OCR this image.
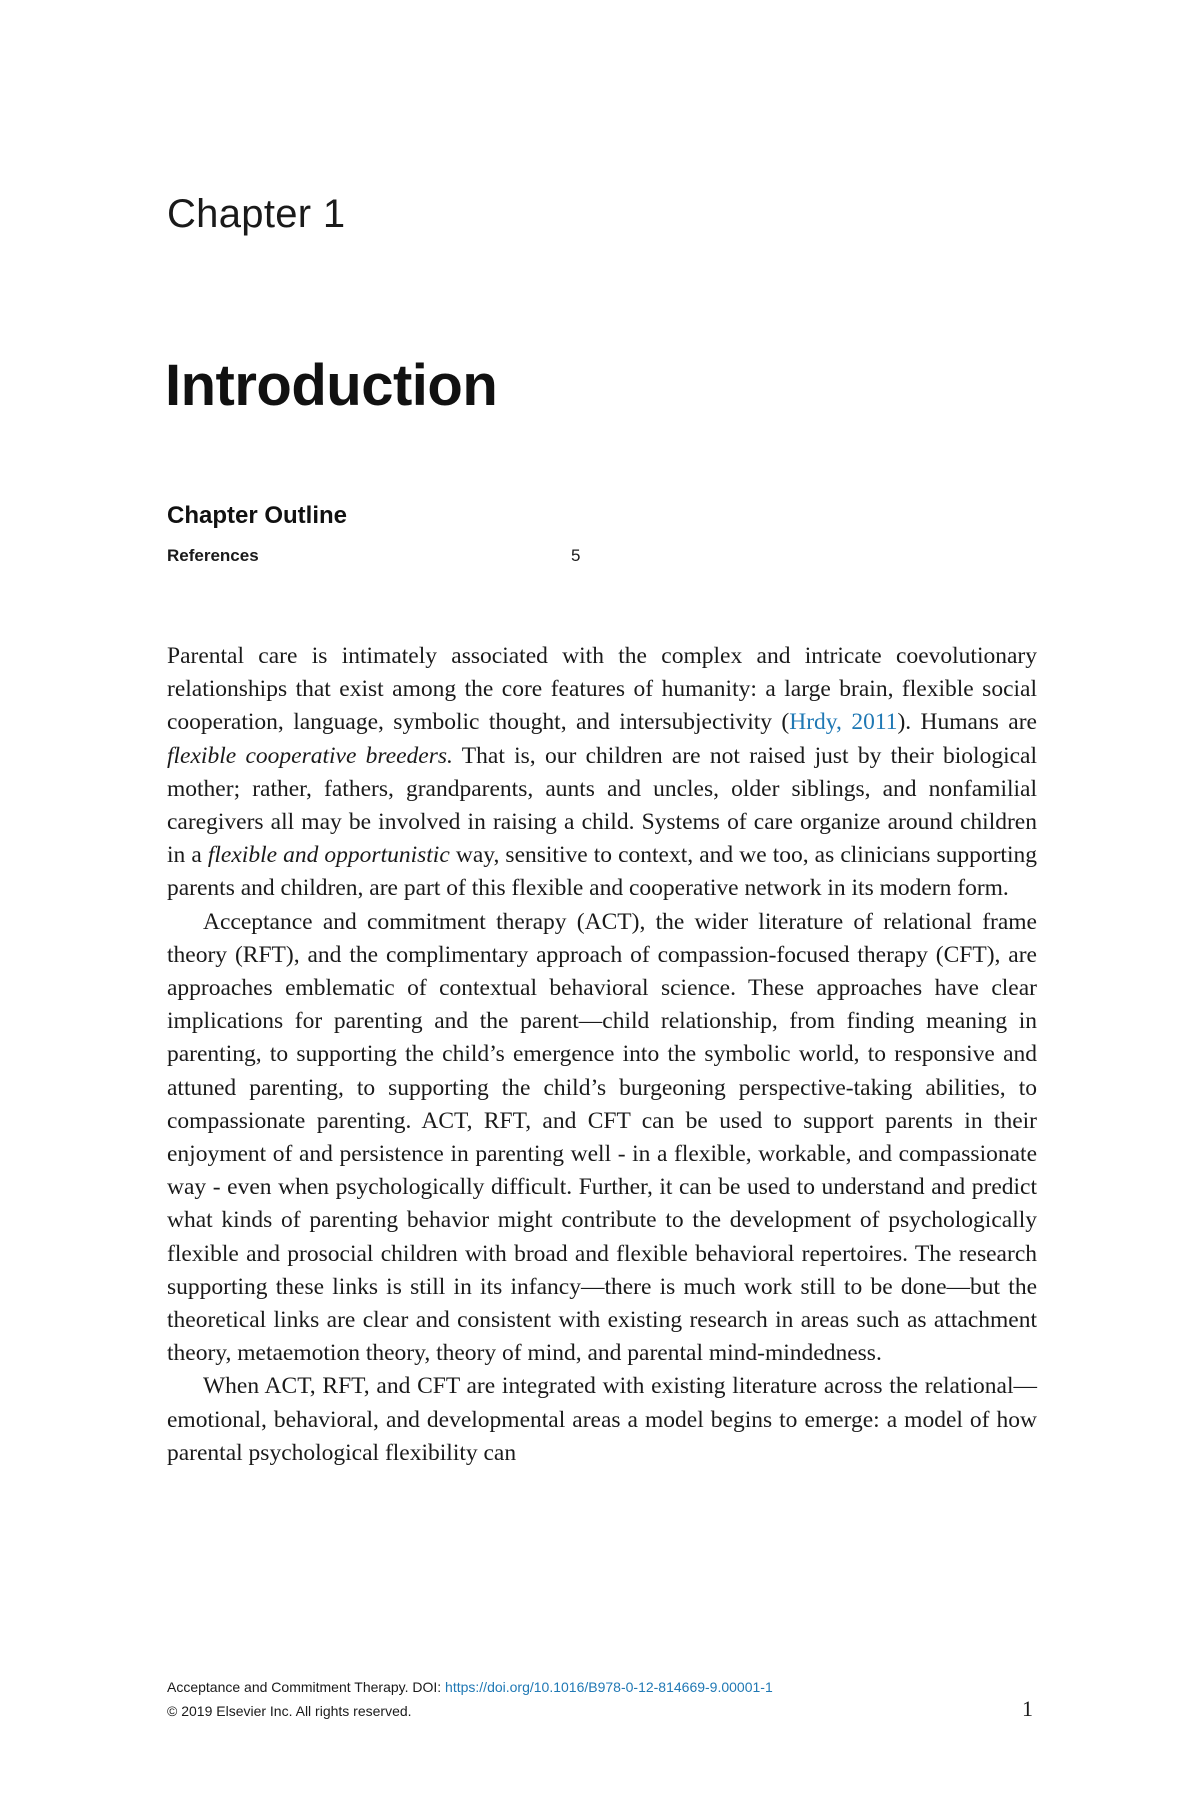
Chapter 1
Introduction
Chapter Outline
References	5

Parental care is intimately associated with the complex and intricate coevolutionary relationships that exist among the core features of humanity: a large brain, flexible social cooperation, language, symbolic thought, and intersubjectivity (Hrdy, 2011). Humans are flexible cooperative breeders. That is, our children are not raised just by their biological mother; rather, fathers, grandparents, aunts and uncles, older siblings, and nonfamilial caregivers all may be involved in raising a child. Systems of care organize around children in a flexible and opportunistic way, sensitive to context, and we too, as clinicians supporting parents and children, are part of this flexible and cooperative network in its modern form.

Acceptance and commitment therapy (ACT), the wider literature of relational frame theory (RFT), and the complimentary approach of compassion-focused therapy (CFT), are approaches emblematic of contextual behavioral science. These approaches have clear implications for parenting and the parent—child relationship, from finding meaning in parenting, to supporting the child’s emergence into the symbolic world, to responsive and attuned parenting, to supporting the child’s burgeoning perspective-taking abilities, to compassionate parenting. ACT, RFT, and CFT can be used to support parents in their enjoyment of and persistence in parenting well - in a flexible, workable, and compassionate way - even when psychologically difficult. Further, it can be used to understand and predict what kinds of parenting behavior might contribute to the development of psychologically flexible and prosocial children with broad and flexible behavioral repertoires. The research supporting these links is still in its infancy—there is much work still to be done—but the theoretical links are clear and consistent with existing research in areas such as attachment theory, metaemotion theory, theory of mind, and parental mind-mindedness.

When ACT, RFT, and CFT are integrated with existing literature across the relational—emotional, behavioral, and developmental areas a model begins to emerge: a model of how parental psychological flexibility can

Acceptance and Commitment Therapy. DOI: https://doi.org/10.1016/B978-0-12-814669-9.00001-1
© 2019 Elsevier Inc. All rights reserved.	1
